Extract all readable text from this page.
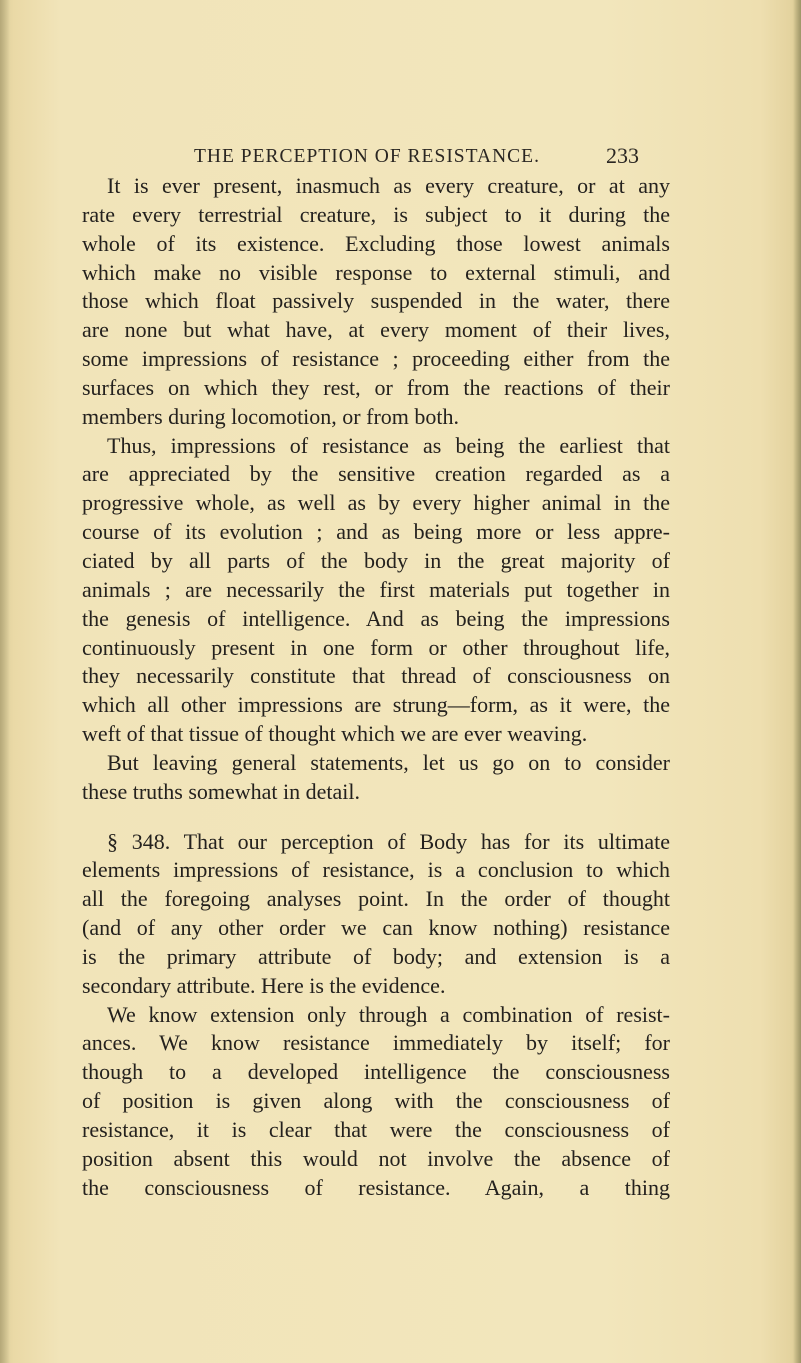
THE PERCEPTION OF RESISTANCE.	233
It is ever present, inasmuch as every creature, or at any
rate every terrestrial creature, is subject to it during the
whole of its existence. Excluding those lowest animals
which make no visible response to external stimuli, and
those which float passively suspended in the water, there
are none but what have, at every moment of their lives,
some impressions of resistance ; proceeding either from the
surfaces on which they rest, or from the reactions of their
members during locomotion, or from both.
Thus, impressions of resistance as being the earliest that
are appreciated by the sensitive creation regarded as a
progressive whole, as well as by every higher animal in the
course of its evolution ; and as being more or less appre-
ciated by all parts of the body in the great majority of
animals ; are necessarily the first materials put together in
the genesis of intelligence. And as being the impressions
continuously present in one form or other throughout life,
they necessarily constitute that thread of consciousness on
which all other impressions are strung—form, as it were, the
weft of that tissue of thought which we are ever weaving.
But leaving general statements, let us go on to consider
these truths somewhat in detail.
§ 348. That our perception of Body has for its ultimate
elements impressions of resistance, is a conclusion to which
all the foregoing analyses point. In the order of thought
(and of any other order we can know nothing) resistance
is the primary attribute of body; and extension is a
secondary attribute. Here is the evidence.
We know extension only through a combination of resist-
ances. We know resistance immediately by itself; for
though to a developed intelligence the consciousness
of position is given along with the consciousness of
resistance, it is clear that were the consciousness of
position absent this would not involve the absence of
the consciousness of resistance. Again, a thing
